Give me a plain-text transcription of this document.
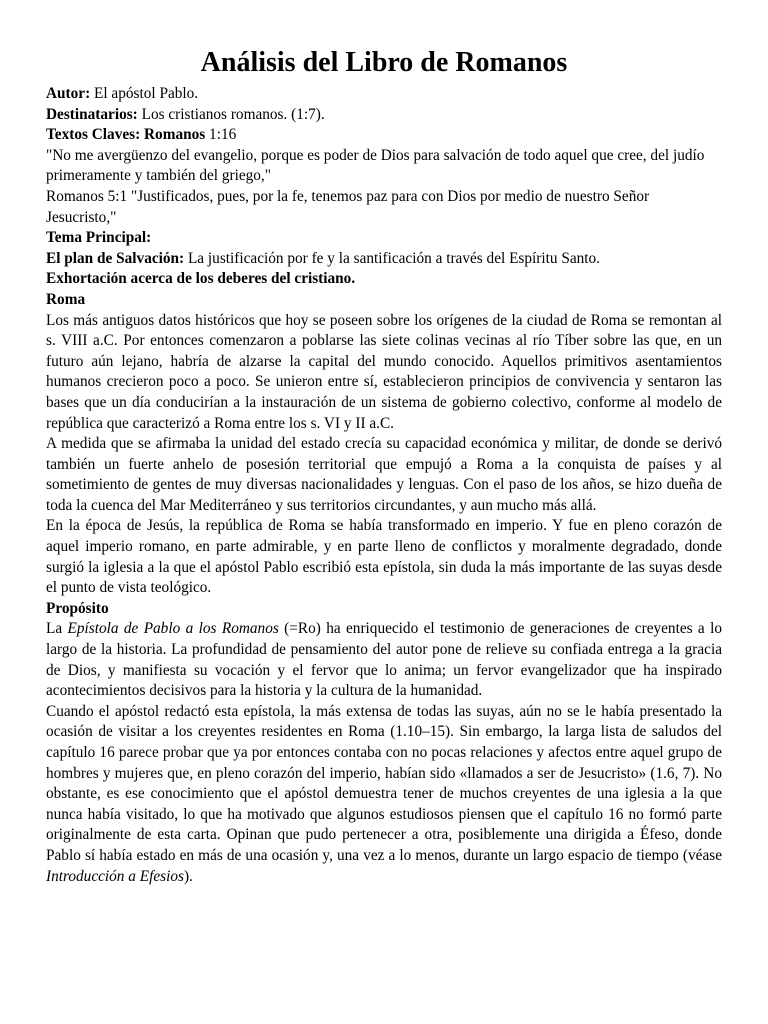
Análisis del Libro de Romanos

Autor: El apóstol Pablo.

Destinatarios: Los cristianos romanos. (1:7).

Textos Claves: Romanos 1:16

"No me avergüenzo del evangelio, porque es poder de Dios para salvación de todo aquel que cree, del judío primeramente y también del griego,"

Romanos 5:1 "Justificados, pues, por la fe, tenemos paz para con Dios por medio de nuestro Señor Jesucristo,"

Tema Principal:

El plan de Salvación: La justificación por fe y la santificación a través del Espíritu Santo.

Exhortación acerca de los deberes del cristiano.

Roma

Los más antiguos datos históricos que hoy se poseen sobre los orígenes de la ciudad de Roma se remontan al s. VIII a.C. Por entonces comenzaron a poblarse las siete colinas vecinas al río Tíber sobre las que, en un futuro aún lejano, habría de alzarse la capital del mundo conocido. Aquellos primitivos asentamientos humanos crecieron poco a poco. Se unieron entre sí, establecieron principios de convivencia y sentaron las bases que un día conducirían a la instauración de un sistema de gobierno colectivo, conforme al modelo de república que caracterizó a Roma entre los s. VI y II a.C.

A medida que se afirmaba la unidad del estado crecía su capacidad económica y militar, de donde se derivó también un fuerte anhelo de posesión territorial que empujó a Roma a la conquista de países y al sometimiento de gentes de muy diversas nacionalidades y lenguas. Con el paso de los años, se hizo dueña de toda la cuenca del Mar Mediterráneo y sus territorios circundantes, y aun mucho más allá.

En la época de Jesús, la república de Roma se había transformado en imperio. Y fue en pleno corazón de aquel imperio romano, en parte admirable, y en parte lleno de conflictos y moralmente degradado, donde surgió la iglesia a la que el apóstol Pablo escribió esta epístola, sin duda la más importante de las suyas desde el punto de vista teológico.

Propósito

La Epístola de Pablo a los Romanos (=Ro) ha enriquecido el testimonio de generaciones de creyentes a lo largo de la historia. La profundidad de pensamiento del autor pone de relieve su confiada entrega a la gracia de Dios, y manifiesta su vocación y el fervor que lo anima; un fervor evangelizador que ha inspirado acontecimientos decisivos para la historia y la cultura de la humanidad.

Cuando el apóstol redactó esta epístola, la más extensa de todas las suyas, aún no se le había presentado la ocasión de visitar a los creyentes residentes en Roma (1.10–15). Sin embargo, la larga lista de saludos del capítulo 16 parece probar que ya por entonces contaba con no pocas relaciones y afectos entre aquel grupo de hombres y mujeres que, en pleno corazón del imperio, habían sido «llamados a ser de Jesucristo» (1.6, 7). No obstante, es ese conocimiento que el apóstol demuestra tener de muchos creyentes de una iglesia a la que nunca había visitado, lo que ha motivado que algunos estudiosos piensen que el capítulo 16 no formó parte originalmente de esta carta. Opinan que pudo pertenecer a otra, posiblemente una dirigida a Éfeso, donde Pablo sí había estado en más de una ocasión y, una vez a lo menos, durante un largo espacio de tiempo (véase Introducción a Efesios).
